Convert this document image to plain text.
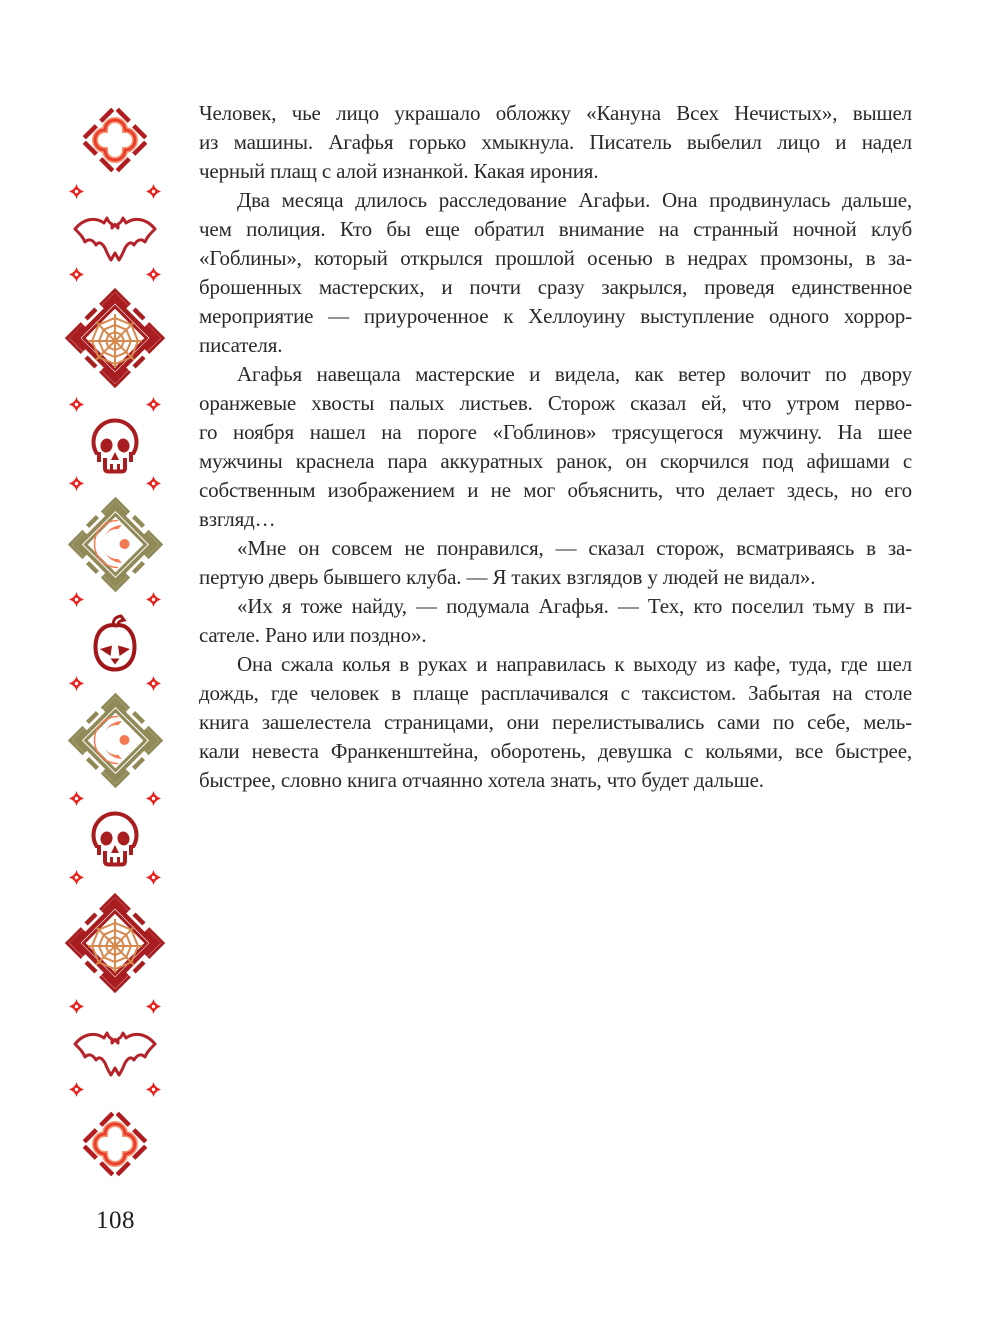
Человек, чье лицо украшало обложку «Кануна Всех Нечистых», вышел
из машины. Агафья горько хмыкнула. Писатель выбелил лицо и надел
черный плащ с алой изнанкой. Какая ирония.
Два месяца длилось расследование Агафьи. Она продвинулась дальше,
чем полиция. Кто бы еще обратил внимание на странный ночной клуб
«Гоблины», который открылся прошлой осенью в недрах промзоны, в за-
брошенных мастерских, и почти сразу закрылся, проведя единственное
мероприятие — приуроченное к Хеллоуину выступление одного хоррор-
писателя.
Агафья навещала мастерские и видела, как ветер волочит по двору
оранжевые хвосты палых листьев. Сторож сказал ей, что утром перво-
го ноября нашел на пороге «Гоблинов» трясущегося мужчину. На шее
мужчины краснела пара аккуратных ранок, он скорчился под афишами с
собственным изображением и не мог объяснить, что делает здесь, но его
взгляд…
«Мне он совсем не понравился, — сказал сторож, всматриваясь в за-
пертую дверь бывшего клуба. — Я таких взглядов у людей не видал».
«Их я тоже найду, — подумала Агафья. — Тех, кто поселил тьму в пи-
сателе. Рано или поздно».
Она сжала колья в руках и направилась к выходу из кафе, туда, где шел
дождь, где человек в плаще расплачивался с таксистом. Забытая на столе
книга зашелестела страницами, они перелистывались сами по себе, мель-
кали невеста Франкенштейна, оборотень, девушка с кольями, все быстрее,
быстрее, словно книга отчаянно хотела знать, что будет дальше.
108
